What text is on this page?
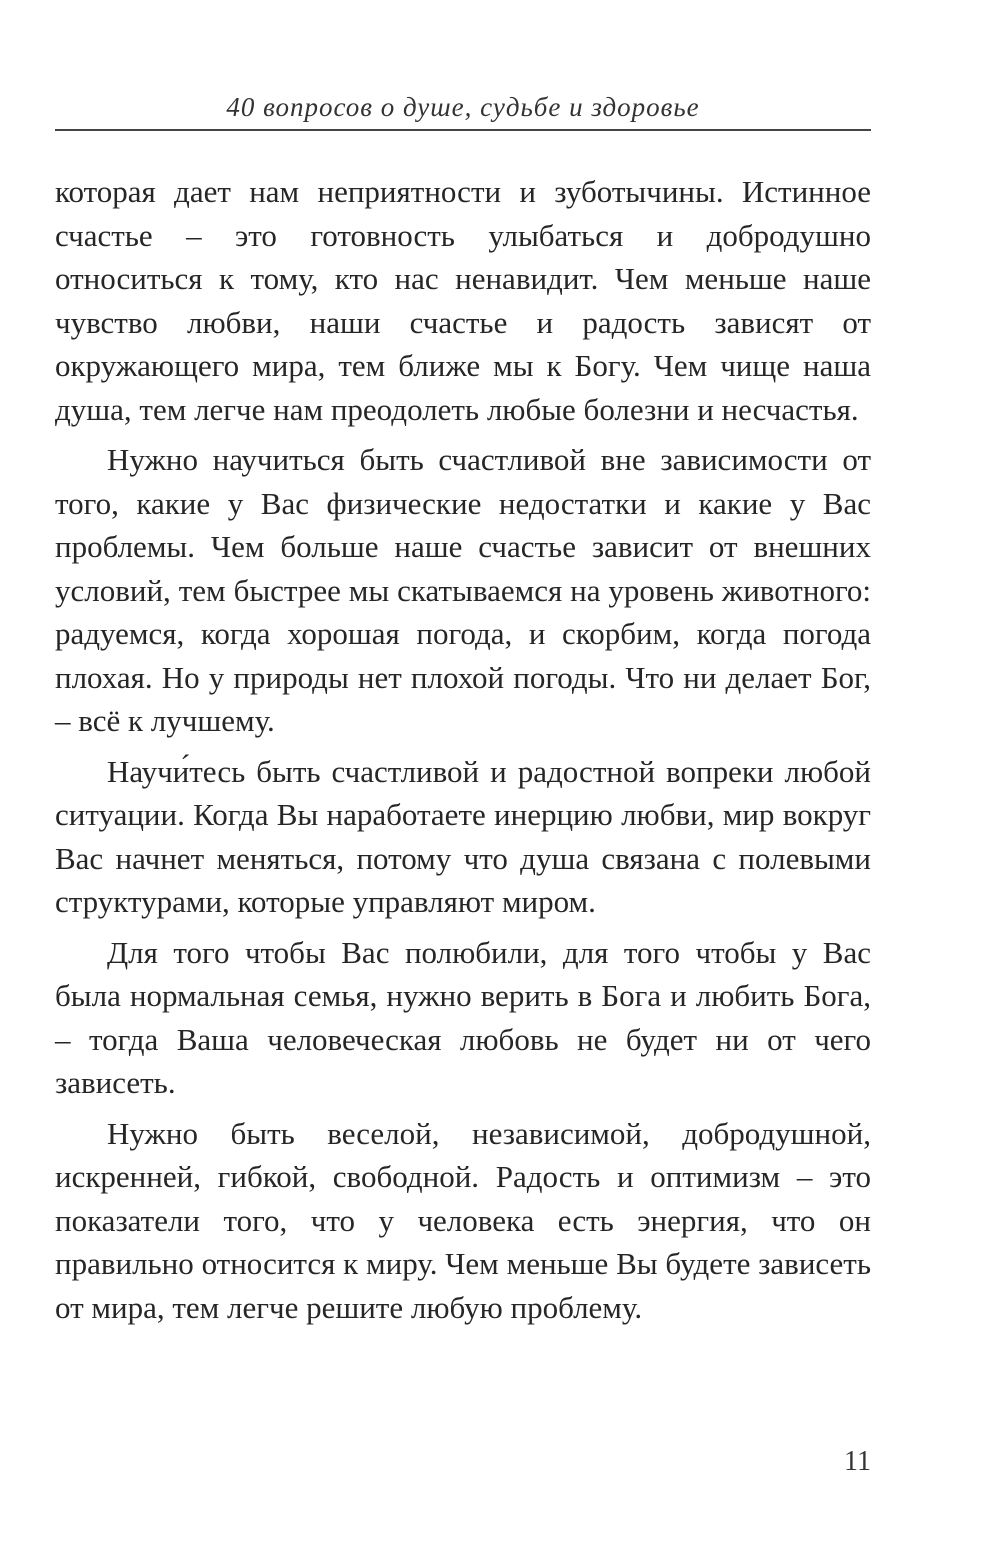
40 вопросов о душе, судьбе и здоровье

которая дает нам неприятности и зуботычины. Истинное счастье – это готовность улыбаться и добродушно относиться к тому, кто нас ненавидит. Чем меньше наше чувство любви, наши счастье и радость зависят от окружающего мира, тем ближе мы к Богу. Чем чище наша душа, тем легче нам преодолеть любые болезни и несчастья.

Нужно научиться быть счастливой вне зависимости от того, какие у Вас физические недостатки и какие у Вас проблемы. Чем больше наше счастье зависит от внешних условий, тем быстрее мы скатываемся на уровень животного: радуемся, когда хорошая погода, и скорбим, когда погода плохая. Но у природы нет плохой погоды. Что ни делает Бог, – всё к лучшему.

Научи́тесь быть счастливой и радостной вопреки любой ситуации. Когда Вы наработаете инерцию любви, мир вокруг Вас начнет меняться, потому что душа связана с полевыми структурами, которые управляют миром.

Для того чтобы Вас полюбили, для того чтобы у Вас была нормальная семья, нужно верить в Бога и любить Бога, – тогда Ваша человеческая любовь не будет ни от чего зависеть.

Нужно быть веселой, независимой, добродушной, искренней, гибкой, свободной. Радость и оптимизм – это показатели того, что у человека есть энергия, что он правильно относится к миру. Чем меньше Вы будете зависеть от мира, тем легче решите любую проблему.

11
